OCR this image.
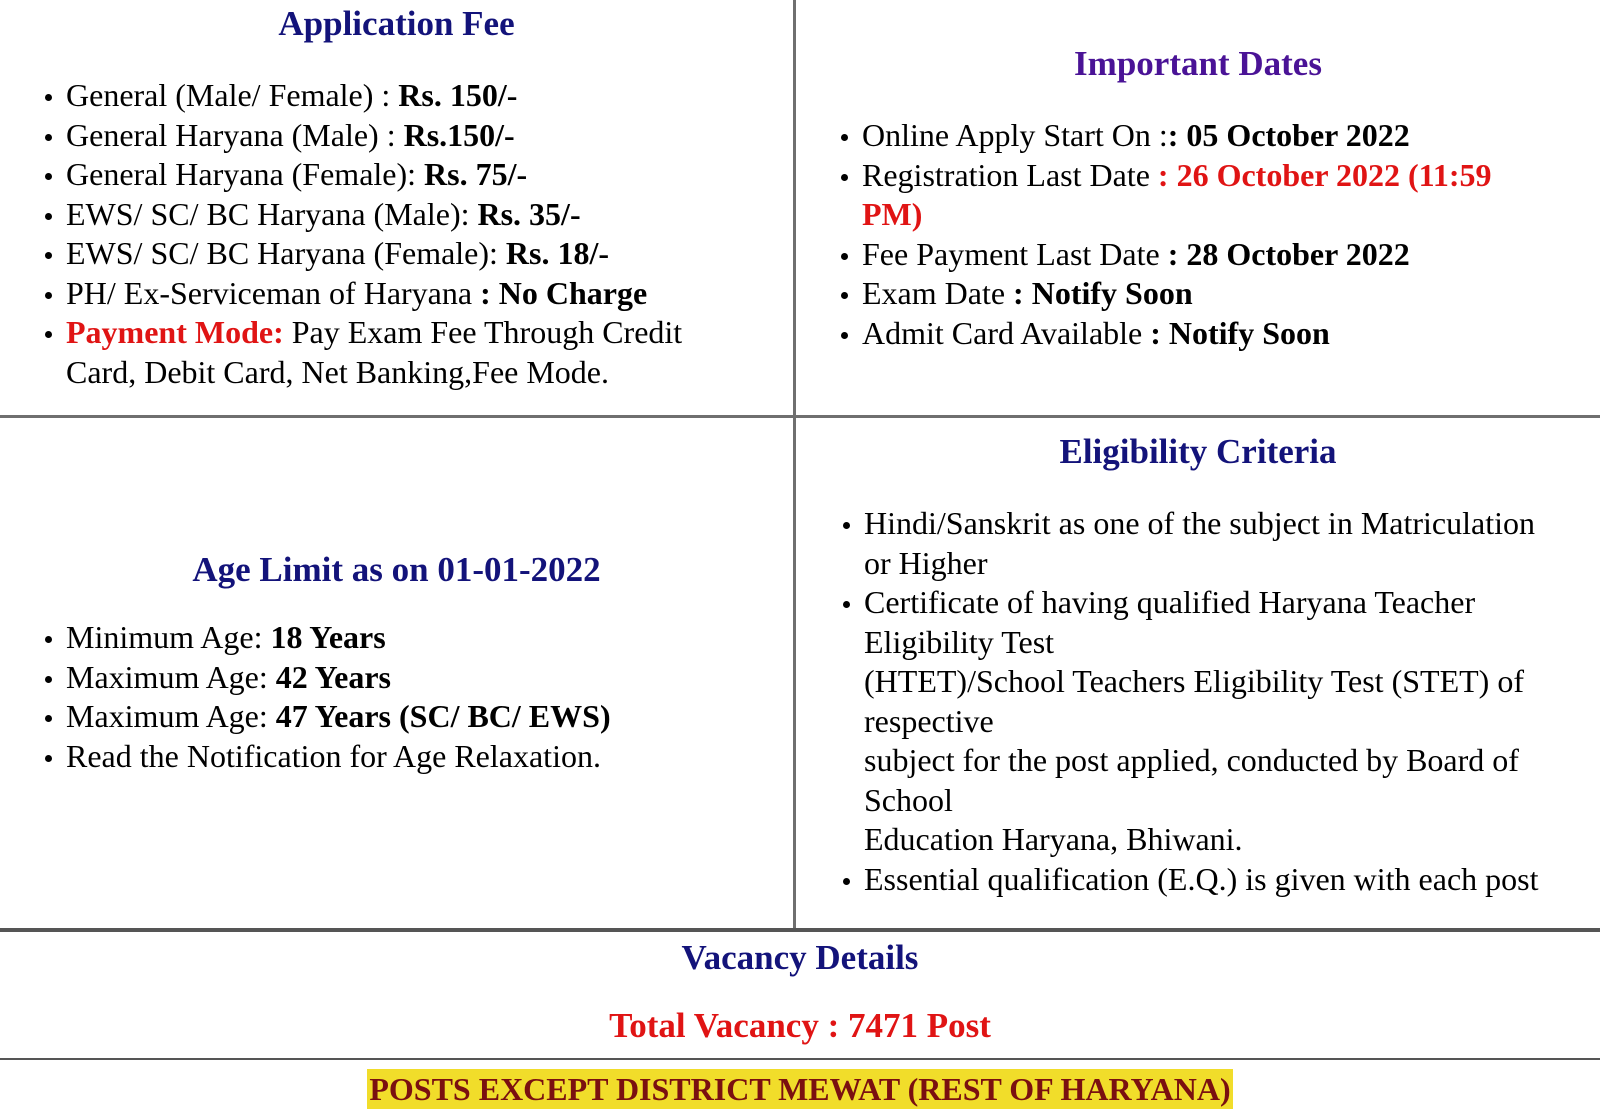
Application Fee
General (Male/ Female) : Rs. 150/-
General Haryana (Male) : Rs.150/-
General Haryana (Female): Rs. 75/-
EWS/ SC/ BC Haryana (Male): Rs. 35/-
EWS/ SC/ BC Haryana (Female): Rs. 18/-
PH/ Ex-Serviceman of Haryana : No Charge
Payment Mode: Pay Exam Fee Through Credit
Card, Debit Card, Net Banking,Fee Mode.
Important Dates
Online Apply Start On :: 05 October 2022
Registration Last Date : 26 October 2022 (11:59
PM)
Fee Payment Last Date : 28 October 2022
Exam Date : Notify Soon
Admit Card Available : Notify Soon
Age Limit as on 01-01-2022
Minimum Age: 18 Years
Maximum Age: 42 Years
Maximum Age: 47 Years (SC/ BC/ EWS)
Read the Notification for Age Relaxation.
Eligibility Criteria
Hindi/Sanskrit as one of the subject in Matriculation
or Higher
Certificate of having qualified Haryana Teacher
Eligibility Test
(HTET)/School Teachers Eligibility Test (STET) of
respective
subject for the post applied, conducted by Board of
School
Education Haryana, Bhiwani.
Essential qualification (E.Q.) is given with each post
Vacancy Details
Total Vacancy : 7471 Post
POSTS EXCEPT DISTRICT MEWAT (REST OF HARYANA)
